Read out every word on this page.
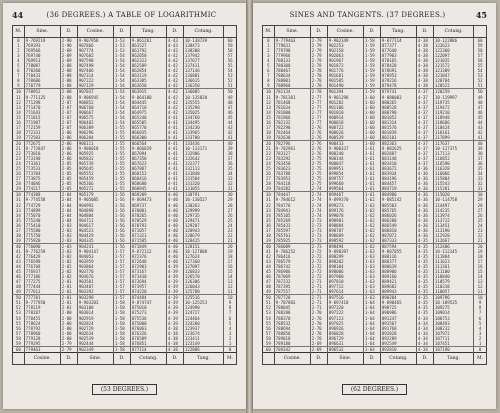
44	(36 DEGREES.) A TABLE OF LOGARITHMIC
M.	Sine.	D.	Cosine.	D.	Tang.	D.	Cotang.	
0	9·769219	2·90	9·907958	1·53	9·861261	4·43	10·138739	60
1	769393	2·90	907866	1·53	861527	4·43	138473	59
2	769566	2·89	907774	1·53	861792	4·42	138208	58
3	769740	2·89	907682	1·54	862058	4·42	137942	57
4	769913	2·89	907590	1·54	862323	4·42	137677	56
5	770087	2·88	907498	1·54	862589	4·42	137411	55
6	770260	2·88	907406	1·54	862854	4·42	137146	54
7	770433	2·88	907314	1·54	863119	4·42	136881	53
8	770606	2·88	907222	1·54	863385	4·42	136615	52
9	770779	2·88	907129	1·54	863650	4·42	136350	51
10	770952	2·88	907037	1·54	863915	4·42	136085	50
11	9·771125	2·88	9·906945	1·54	9·864180	4·42	10·135820	49
12	771298	2·87	906852	1·54	864445	4·42	135555	48
13	771470	2·87	906760	1·54	864710	4·42	135290	47
14	771643	2·87	906667	1·54	864975	4·42	135025	46
15	771815	2·87	906575	1·54	865240	4·41	134760	45
16	771987	2·87	906482	1·54	865505	4·41	134495	44
17	772159	2·87	906389	1·55	865770	4·41	134230	43
18	772331	2·86	906296	1·55	866035	4·41	133965	42
19	772503	2·86	906204	1·55	866300	4·41	133700	41
20	772675	2·86	906111	1·55	866564	4·41	133436	40
21	9·772847	2·86	9·906018	1·55	9·866829	4·41	10·133171	39
22	773018	2·86	905925	1·55	867094	4·41	132906	38
23	773190	2·86	905832	1·55	867358	4·41	132642	37
24	773361	2·85	905739	1·55	867623	4·41	132377	36
25	773533	2·85	905645	1·55	867887	4·41	132113	35
26	773704	2·85	905552	1·55	868152	4·41	131848	34
27	773875	2·85	905459	1·55	868416	4·41	131584	33
28	774046	2·85	905366	1·55	868680	4·41	131320	32
29	774217	2·85	905272	1·55	868945	4·41	131055	31
30	774388	2·84	905179	1·56	869209	4·40	130791	30
31	9·774558	2·84	9·905085	1·56	9·869473	4·40	10·130527	29
32	774729	2·84	904992	1·56	869737	4·40	130263	28
33	774899	2·84	904898	1·56	870001	4·40	129999	27
34	775070	2·84	904804	1·56	870265	4·40	129735	26
35	775240	2·84	904711	1·56	870529	4·40	129471	25
36	775410	2·83	904617	1·56	870793	4·40	129207	24
37	775580	2·83	904523	1·56	871057	4·40	128943	23
38	775750	2·83	904429	1·56	871321	4·40	128679	22
39	775920	2·83	904335	1·56	871585	4·40	128415	21
40	776090	2·83	904241	1·56	871849	4·40	128151	20
41	9·776259	2·83	9·904147	1·57	9·872112	4·40	10·127888	19
42	776429	2·82	904053	1·57	872376	4·40	127624	18
43	776598	2·82	903959	1·57	872640	4·40	127360	17
44	776768	2·82	903864	1·57	872903	4·39	127097	16
45	776937	2·82	903770	1·57	873167	4·39	126833	15
46	777106	2·82	903676	1·57	873430	4·39	126570	14
47	777275	2·81	903581	1·57	873694	4·39	126306	13
48	777444	2·81	903487	1·57	873957	4·39	126043	12
49	777613	2·81	903392	1·57	874220	4·39	125780	11
50	777781	2·81	903298	1·57	874484	4·39	125516	10
51	9·777950	2·81	9·903203	1·58	9·874747	4·39	10·125253	9
52	778119	2·81	903108	1·58	875010	4·39	124990	8
53	778287	2·80	903014	1·58	875273	4·39	124727	7
54	778455	2·80	902919	1·58	875536	4·39	124464	6
55	778624	2·80	902824	1·58	875800	4·39	124200	5
56	778792	2·80	902729	1·58	876063	4·38	123937	4
57	778960	2·80	902634	1·58	876326	4·38	123674	3
58	779128	2·80	902539	1·58	876589	4·38	123411	2
59	779295	2·79	902444	1·58	876851	4·38	123149	1
60	779463	2·79	902349	1·58	877114	4·38	122886	0
	Cosine.	D.	Sine.	D.	Cotang.	D.	Tang.	M.
(53 DEGREES.)
SINES AND TANGENTS. (37 DEGREES.)	45
M.	Sine.	D.	Cosine.	D.	Tang.	D.	Cotang.	
0	9·779463	2·79	9·902349	1·58	9·877114	4·38	10·122886	60
1	779631	2·79	902253	1·59	877377	4·38	122623	59
2	779798	2·79	902158	1·59	877640	4·38	122360	58
3	779966	2·79	902063	1·59	877903	4·38	122097	57
4	780133	2·79	901967	1·59	878165	4·38	121835	56
5	780300	2·78	901872	1·59	878428	4·38	121572	55
6	780467	2·78	901776	1·59	878691	4·38	121309	54
7	780634	2·78	901681	1·59	878953	4·38	121047	53
8	780801	2·78	901585	1·59	879216	4·38	120784	52
9	780968	2·78	901490	1·59	879478	4·38	120522	51
10	781134	2·78	901394	1·59	879741	4·37	120259	50
11	9·781301	2·77	9·901298	1·60	9·880003	4·37	10·119997	49
12	781468	2·77	901202	1·60	880265	4·37	119735	48
13	781634	2·77	901106	1·60	880528	4·37	119472	47
14	781800	2·77	901010	1·60	880790	4·37	119210	46
15	781966	2·77	900914	1·60	881052	4·37	118948	45
16	782132	2·77	900818	1·60	881314	4·37	118686	44
17	782298	2·76	900722	1·60	881576	4·37	118424	43
18	782464	2·76	900626	1·60	881839	4·37	118161	42
19	782630	2·76	900529	1·60	882101	4·37	117899	41
20	782796	2·76	900433	1·60	882363	4·37	117637	40
21	9·782961	2·76	9·900337	1·61	9·882625	4·37	10·117375	39
22	783127	2·76	900240	1·61	882887	4·37	117113	38
23	783292	2·75	900144	1·61	883148	4·37	116852	37
24	783458	2·75	900047	1·61	883410	4·37	116590	36
25	783623	2·75	899951	1·61	883672	4·36	116328	35
26	783788	2·75	899854	1·61	883934	4·36	116066	34
27	783953	2·75	899757	1·61	884196	4·36	115804	33
28	784118	2·75	899660	1·61	884457	4·36	115543	32
29	784282	2·74	899564	1·61	884719	4·36	115281	31
30	784447	2·74	899467	1·61	884980	4·36	115020	30
31	9·784612	2·74	9·899370	1·62	9·885242	4·36	10·114758	29
32	784776	2·74	899273	1·62	885503	4·36	114497	28
33	784941	2·74	899176	1·62	885765	4·36	114235	27
34	785105	2·74	899078	1·62	886026	4·36	113974	26
35	785269	2·73	898981	1·62	886288	4·36	113712	25
36	785433	2·73	898884	1·62	886549	4·36	113451	24
37	785597	2·73	898787	1·62	886810	4·36	113190	23
38	785761	2·73	898689	1·62	887072	4·36	112928	22
39	785925	2·73	898592	1·62	887333	4·35	112667	21
40	786089	2·73	898494	1·62	887594	4·35	112406	20
41	9·786252	2·72	9·898397	1·63	9·887855	4·35	10·112145	19
42	786416	2·72	898299	1·63	888116	4·35	111884	18
43	786579	2·72	898202	1·63	888377	4·35	111623	17
44	786742	2·72	898104	1·63	888639	4·35	111361	16
45	786906	2·72	898006	1·63	888900	4·35	111100	15
46	787069	2·72	897908	1·63	889160	4·35	110840	14
47	787232	2·71	897810	1·63	889421	4·35	110579	13
48	787395	2·71	897712	1·63	889682	4·35	110318	12
49	787557	2·71	897614	1·63	889943	4·35	110057	11
50	787720	2·71	897516	1·63	890204	4·35	109796	10
51	9·787883	2·71	9·897418	1·64	9·890465	4·35	10·109535	9
52	788045	2·71	897320	1·64	890725	4·35	109275	8
53	788208	2·70	897222	1·64	890986	4·35	109014	7
54	788370	2·70	897123	1·64	891247	4·34	108753	6
55	788532	2·70	897025	1·64	891507	4·34	108493	5
56	788694	2·70	896926	1·64	891768	4·34	108232	4
57	788856	2·70	896828	1·64	892028	4·34	107972	3
58	789018	2·70	896729	1·64	892289	4·34	107711	2
59	789180	2·69	896631	1·64	892549	4·34	107451	1
60	789342	2·69	896532	1·64	892810	4·34	107190	0
	Cosine.	D.	Sine.	D.	Cotang.	D.	Tang.	M.
(62 DEGREES.)
